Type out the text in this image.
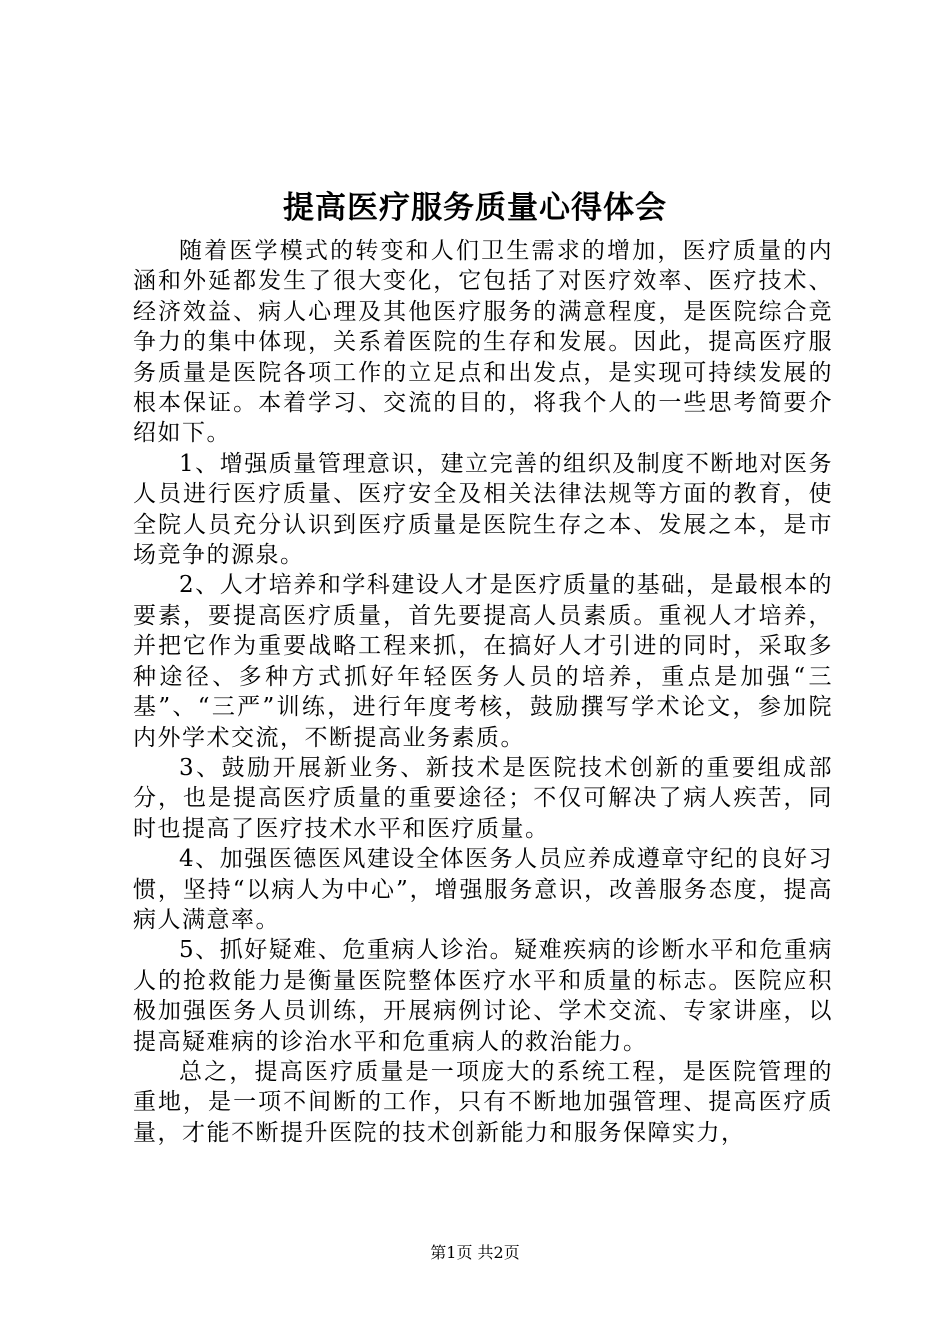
提高医疗服务质量心得体会

随着医学模式的转变和人们卫生需求的增加，医疗质量的内涵和外延都发生了很大变化，它包括了对医疗效率、医疗技术、经济效益、病人心理及其他医疗服务的满意程度，是医院综合竞争力的集中体现，关系着医院的生存和发展。因此，提高医疗服务质量是医院各项工作的立足点和出发点，是实现可持续发展的根本保证。本着学习、交流的目的，将我个人的一些思考简要介绍如下。

1、增强质量管理意识，建立完善的组织及制度不断地对医务人员进行医疗质量、医疗安全及相关法律法规等方面的教育，使全院人员充分认识到医疗质量是医院生存之本、发展之本，是市场竞争的源泉。

2、人才培养和学科建设人才是医疗质量的基础，是最根本的要素，要提高医疗质量，首先要提高人员素质。重视人才培养，并把它作为重要战略工程来抓，在搞好人才引进的同时，采取多种途径、多种方式抓好年轻医务人员的培养，重点是加强“三基”、“三严”训练，进行年度考核，鼓励撰写学术论文，参加院内外学术交流，不断提高业务素质。

3、鼓励开展新业务、新技术是医院技术创新的重要组成部分，也是提高医疗质量的重要途径；不仅可解决了病人疾苦，同时也提高了医疗技术水平和医疗质量。

4、加强医德医风建设全体医务人员应养成遵章守纪的良好习惯，坚持“以病人为中心”，增强服务意识，改善服务态度，提高病人满意率。

5、抓好疑难、危重病人诊治。疑难疾病的诊断水平和危重病人的抢救能力是衡量医院整体医疗水平和质量的标志。医院应积极加强医务人员训练，开展病例讨论、学术交流、专家讲座，以提高疑难病的诊治水平和危重病人的救治能力。

总之，提高医疗质量是一项庞大的系统工程，是医院管理的重地，是一项不间断的工作，只有不断地加强管理、提高医疗质量，才能不断提升医院的技术创新能力和服务保障实力，

第1页 共2页
